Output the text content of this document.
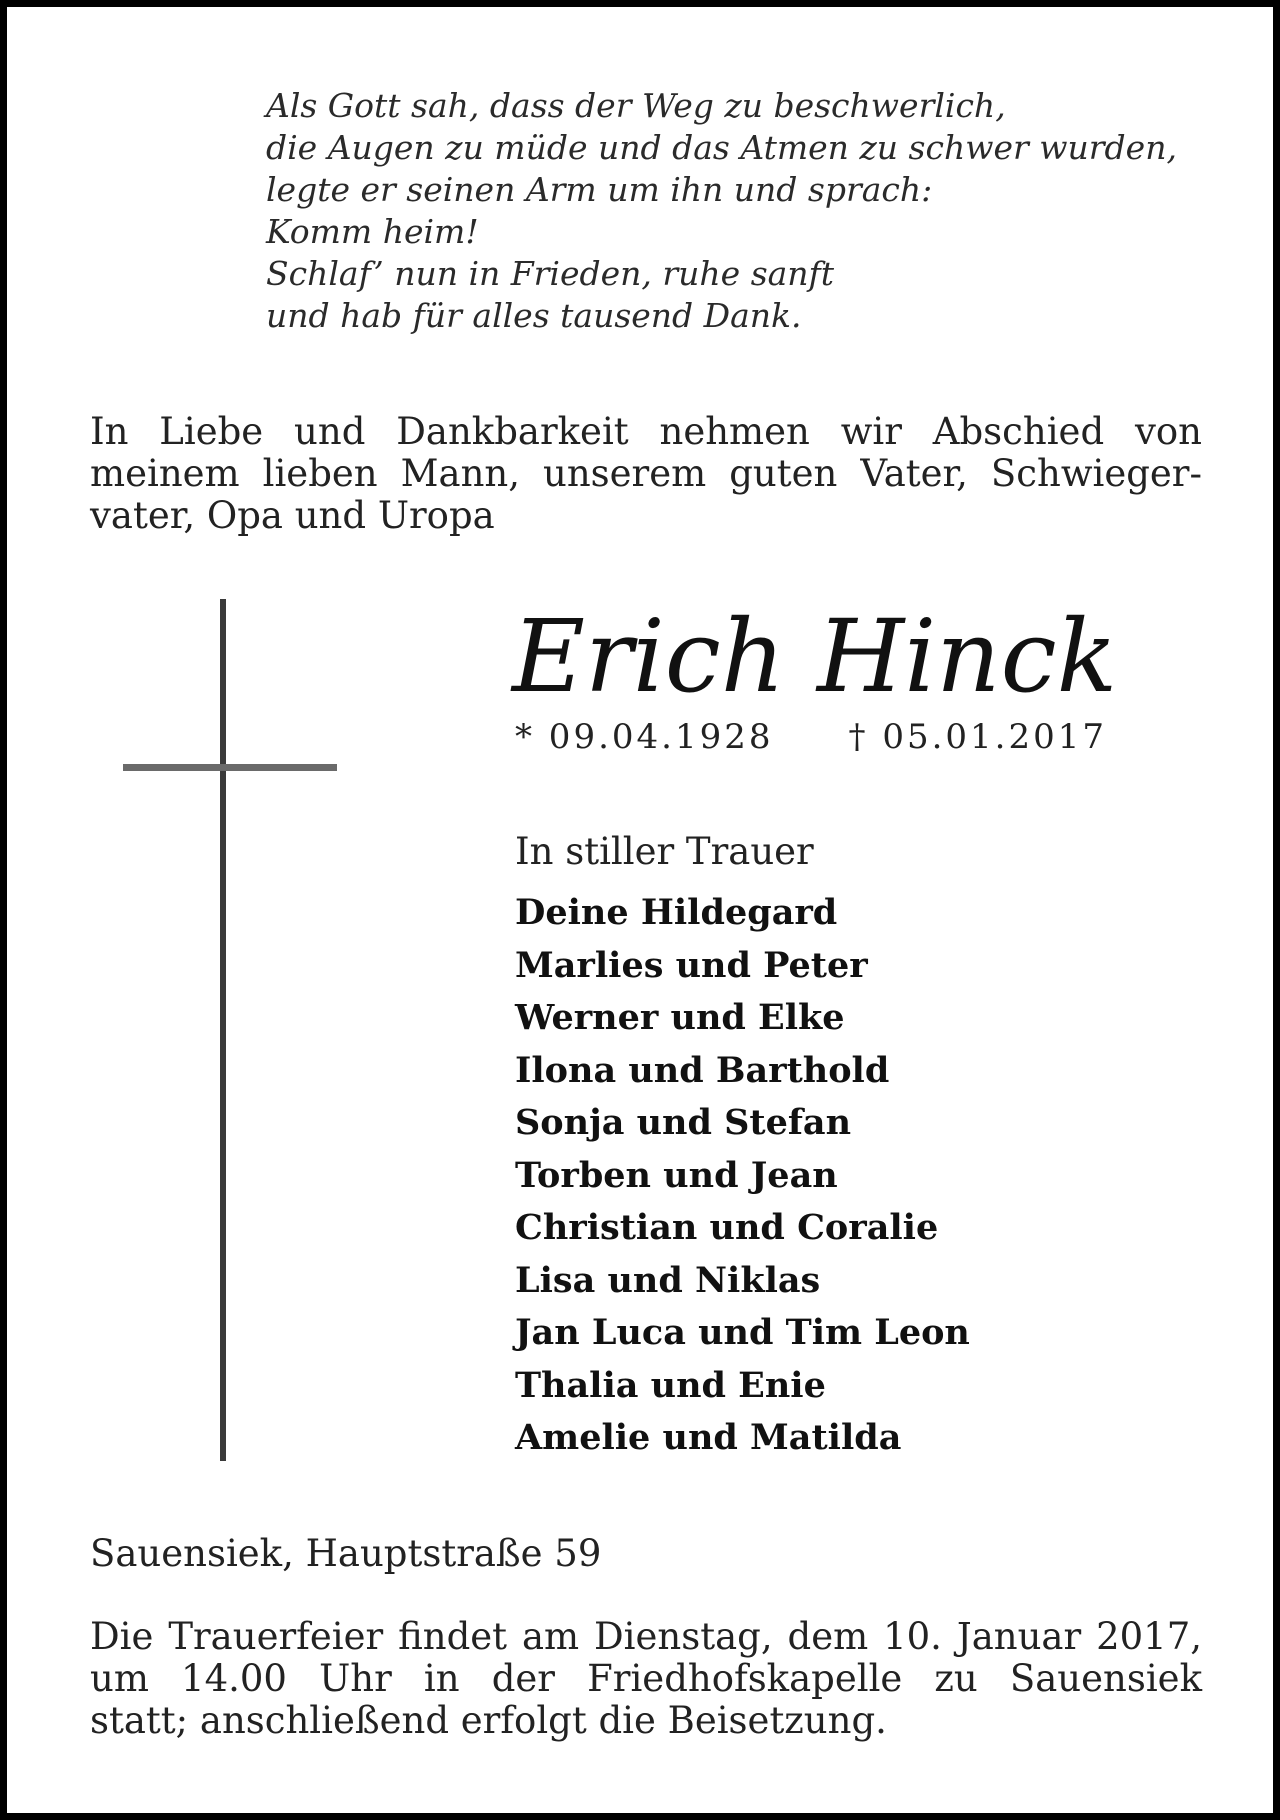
Als Gott sah, dass der Weg zu beschwerlich,
die Augen zu müde und das Atmen zu schwer wurden,
legte er seinen Arm um ihn und sprach:
Komm heim!
Schlaf’ nun in Frieden, ruhe sanft
und hab für alles tausend Dank.
In Liebe und Dankbarkeit nehmen wir Abschied von
meinem lieben Mann, unserem guten Vater, Schwieger-
vater, Opa und Uropa
Erich Hinck
* 09.04.1928 † 05.01.2017
In stiller Trauer
Deine Hildegard
Marlies und Peter
Werner und Elke
Ilona und Barthold
Sonja und Stefan
Torben und Jean
Christian und Coralie
Lisa und Niklas
Jan Luca und Tim Leon
Thalia und Enie
Amelie und Matilda
Sauensiek, Hauptstraße 59
Die Trauerfeier findet am Dienstag, dem 10. Januar 2017,
um 14.00 Uhr in der Friedhofskapelle zu Sauensiek
statt; anschließend erfolgt die Beisetzung.
